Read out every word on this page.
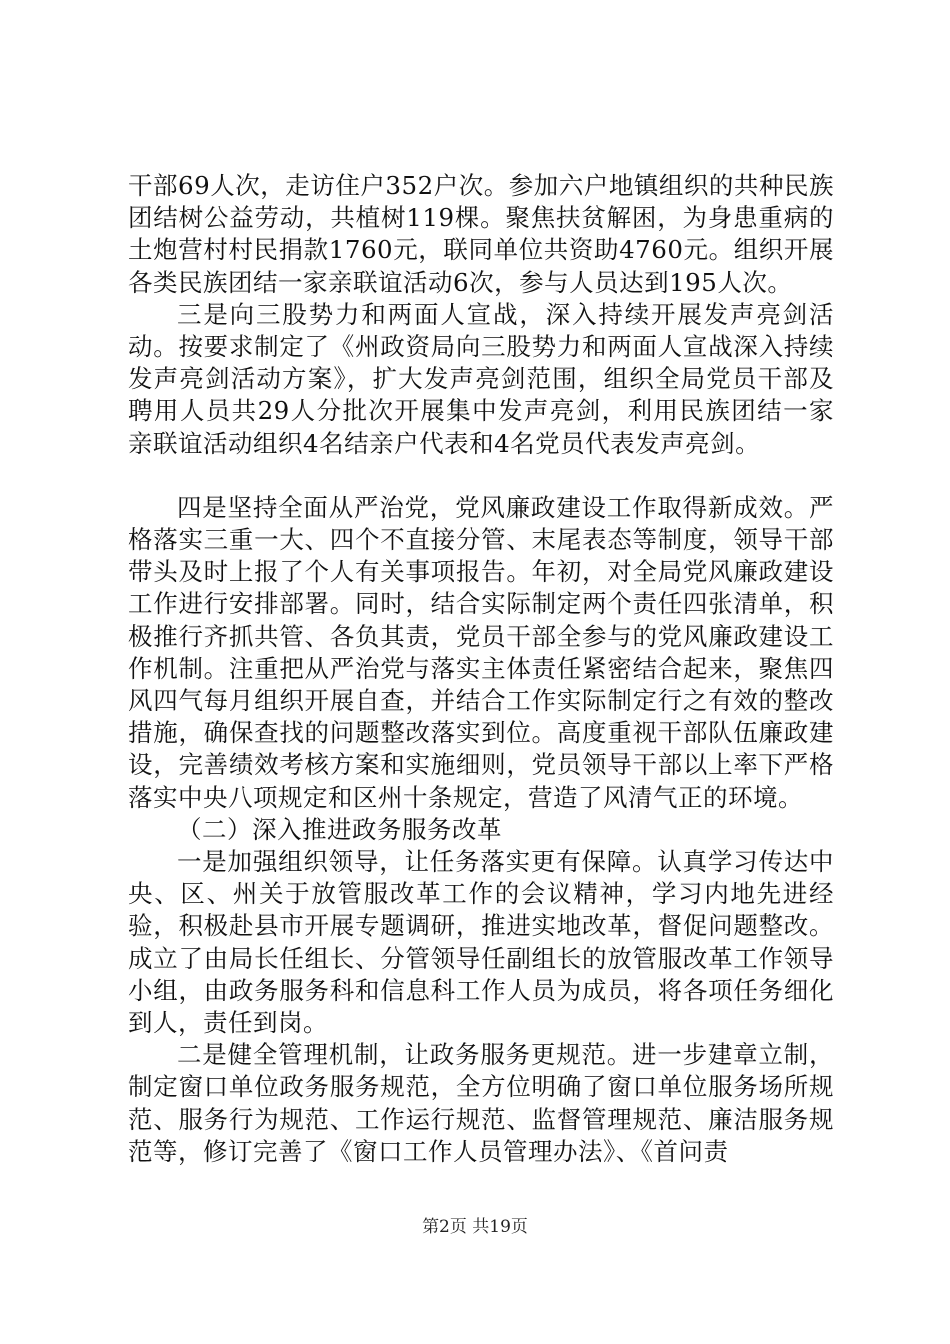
干部69人次，走访住户352户次。参加六户地镇组织的共种民族团结树公益劳动，共植树119棵。聚焦扶贫解困，为身患重病的土炮营村村民捐款1760元，联同单位共资助4760元。组织开展各类民族团结一家亲联谊活动6次，参与人员达到195人次。

三是向三股势力和两面人宣战，深入持续开展发声亮剑活动。按要求制定了《州政资局向三股势力和两面人宣战深入持续发声亮剑活动方案》，扩大发声亮剑范围，组织全局党员干部及聘用人员共29人分批次开展集中发声亮剑，利用民族团结一家亲联谊活动组织4名结亲户代表和4名党员代表发声亮剑。

四是坚持全面从严治党，党风廉政建设工作取得新成效。严格落实三重一大、四个不直接分管、末尾表态等制度，领导干部带头及时上报了个人有关事项报告。年初，对全局党风廉政建设工作进行安排部署。同时，结合实际制定两个责任四张清单，积极推行齐抓共管、各负其责，党员干部全参与的党风廉政建设工作机制。注重把从严治党与落实主体责任紧密结合起来，聚焦四风四气每月组织开展自查，并结合工作实际制定行之有效的整改措施，确保查找的问题整改落实到位。高度重视干部队伍廉政建设，完善绩效考核方案和实施细则，党员领导干部以上率下严格落实中央八项规定和区州十条规定，营造了风清气正的环境。

（二）深入推进政务服务改革

一是加强组织领导，让任务落实更有保障。认真学习传达中央、区、州关于放管服改革工作的会议精神，学习内地先进经验，积极赴县市开展专题调研，推进实地改革，督促问题整改。成立了由局长任组长、分管领导任副组长的放管服改革工作领导小组，由政务服务科和信息科工作人员为成员，将各项任务细化到人，责任到岗。

二是健全管理机制，让政务服务更规范。进一步建章立制，制定窗口单位政务服务规范，全方位明确了窗口单位服务场所规范、服务行为规范、工作运行规范、监督管理规范、廉洁服务规范等，修订完善了《窗口工作人员管理办法》、《首问责

第2页 共19页
